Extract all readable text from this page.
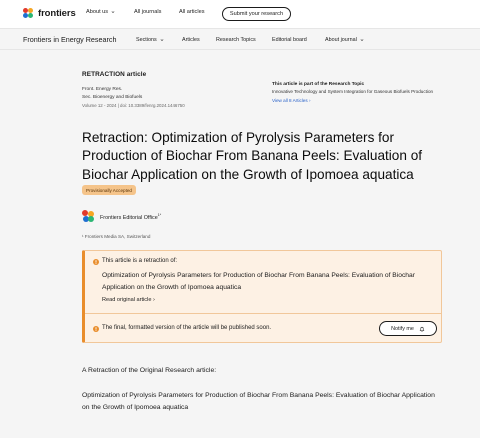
frontiers About us	All journals	All articles	Submit your research
Frontiers in Energy Research	Sections	Articles	Research Topics	Editorial board	About journal
RETRACTION article
Front. Energy Res.
Sec. Bioenergy and Biofuels
Volume 12 - 2024 | doi: 10.3389/fenrg.2024.1446750
This article is part of the Research Topic
Innovative Technology and System Integration for Gaseous Biofuels Production
View all 8 Articles ›
Retraction: Optimization of Pyrolysis Parameters for Production of Biochar From Banana Peels: Evaluation of Biochar Application on the Growth of Ipomoea aquatica
Provisionally Accepted
Frontiers Editorial Office$^{1*}$
¹ Frontiers Media SA, Switzerland
This article is a retraction of:
Optimization of Pyrolysis Parameters for Production of Biochar From Banana Peels: Evaluation of Biochar Application on the Growth of Ipomoea aquatica
Read original article ›
The final, formatted version of the article will be published soon.	Notify me

A Retraction of the Original Research article:

Optimization of Pyrolysis Parameters for Production of Biochar From Banana Peels: Evaluation of Biochar Application on the Growth of Ipomoea aquatica
